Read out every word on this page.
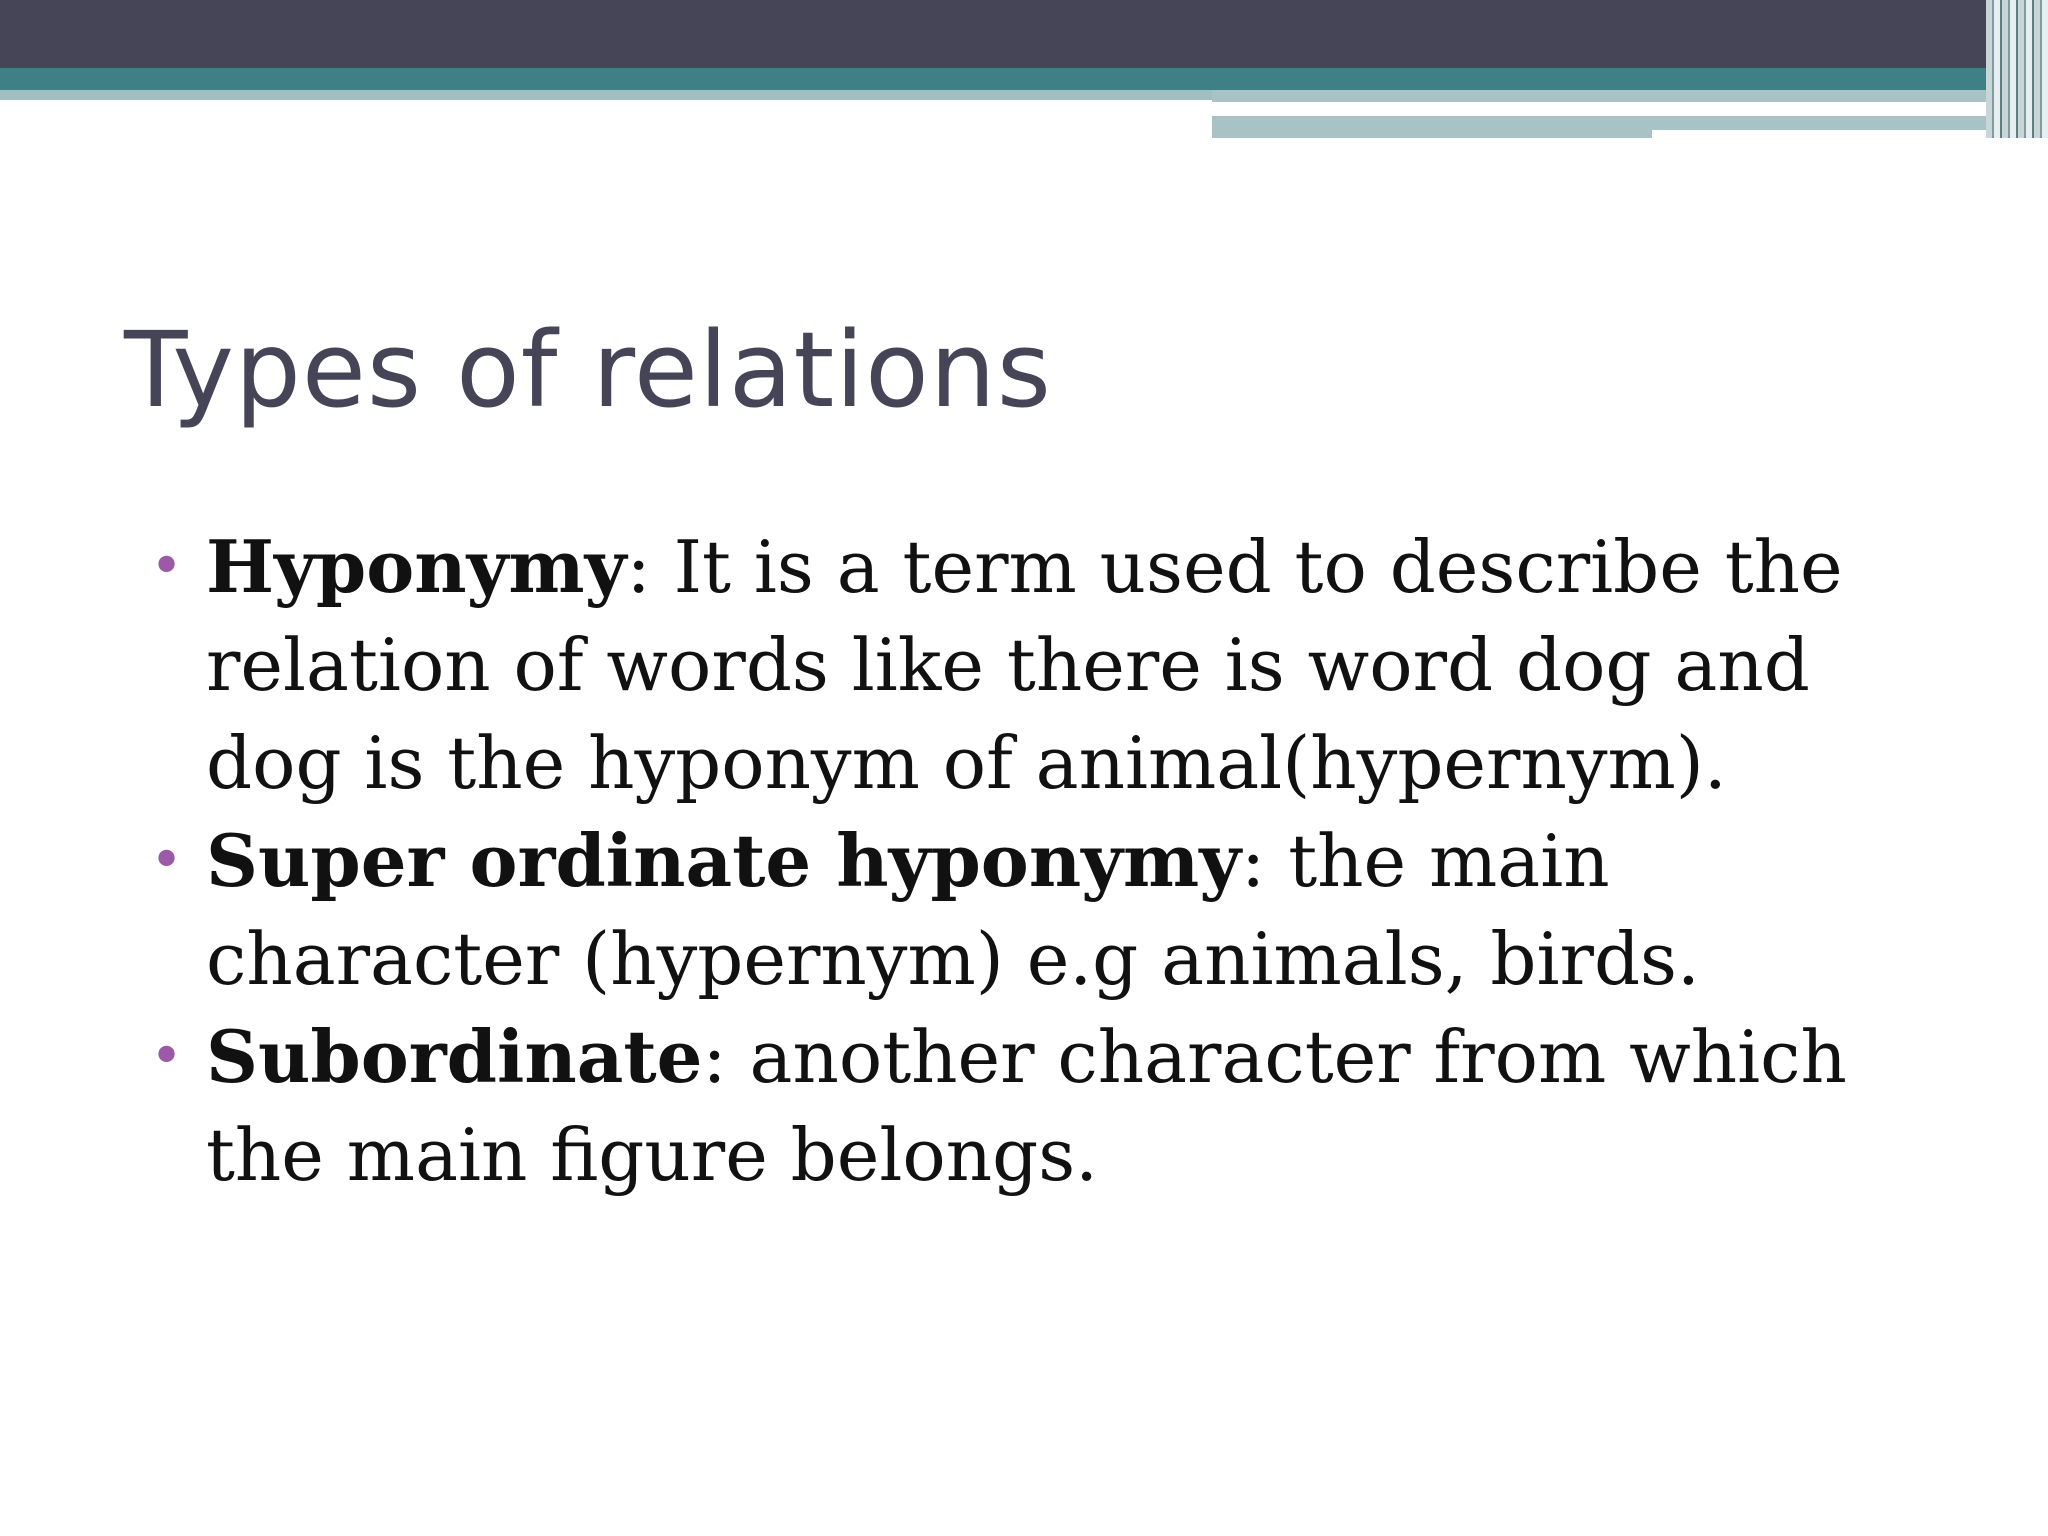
Types of relations
• Hyponymy: It is a term used to describe the relation of words like there is word dog and dog is the hyponym of animal(hypernym).
• Super ordinate hyponymy: the main character (hypernym) e.g animals, birds.
• Subordinate: another character from which the main figure belongs.
